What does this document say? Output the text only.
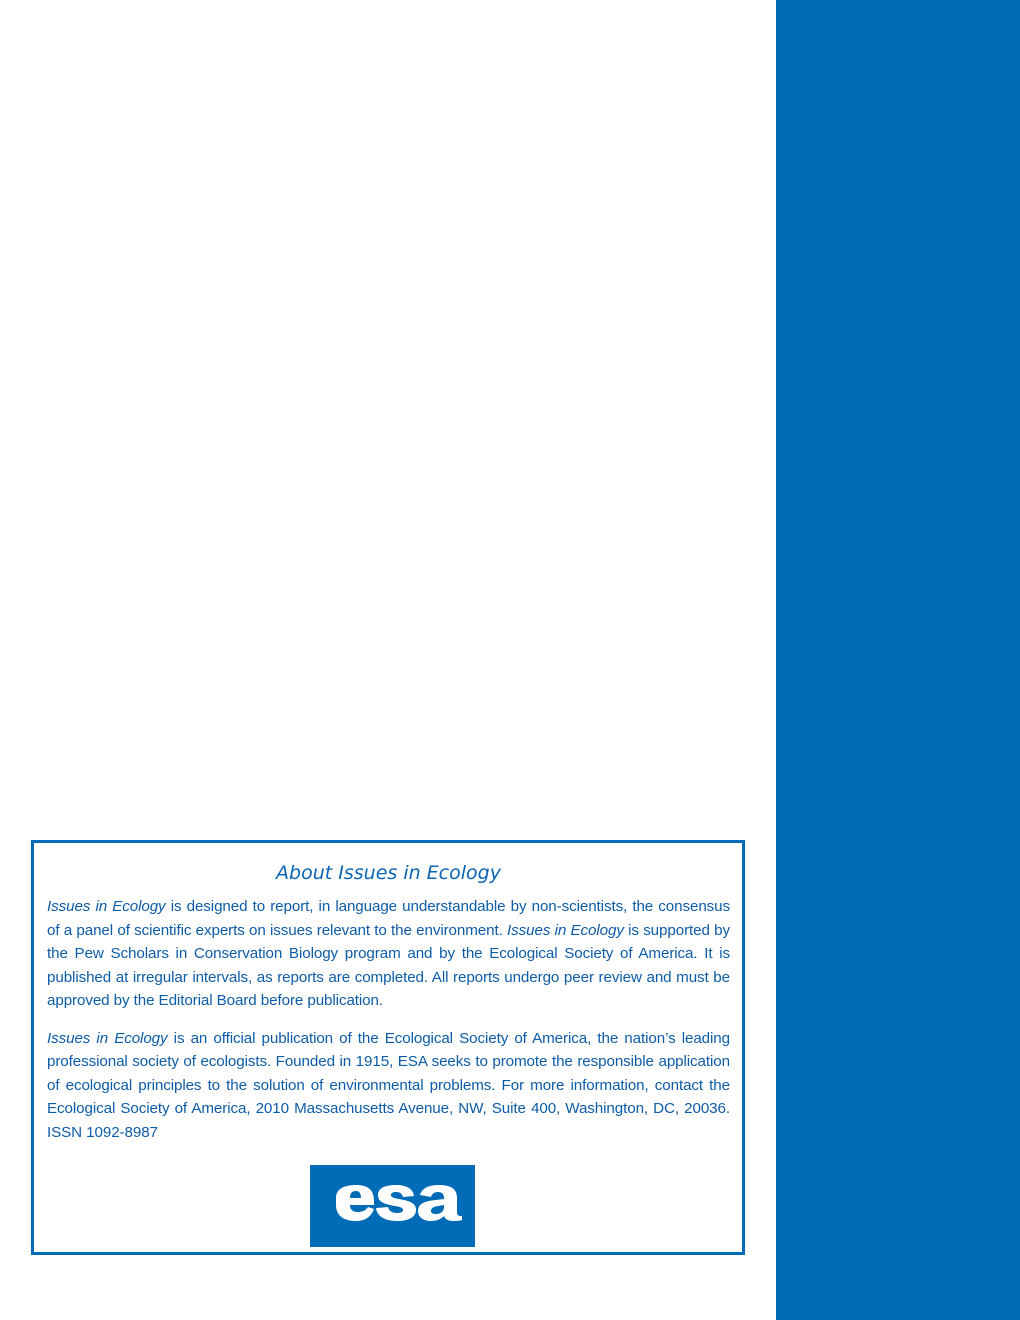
About Issues in Ecology

Issues in Ecology is designed to report, in language understandable by non-scientists, the consensus of a panel of scientific experts on issues relevant to the environment. Issues in Ecology is supported by the Pew Scholars in Conservation Biology program and by the Ecological Society of America. It is published at irregular intervals, as reports are completed. All reports undergo peer review and must be approved by the Editorial Board before publication.

Issues in Ecology is an official publication of the Ecological Society of America, the nation’s leading professional society of ecologists. Founded in 1915, ESA seeks to promote the responsible application of ecological principles to the solution of environmental problems. For more information, contact the Ecological Society of America, 2010 Massachusetts Avenue, NW, Suite 400, Washington, DC, 20036. ISSN 1092-8987

esa
